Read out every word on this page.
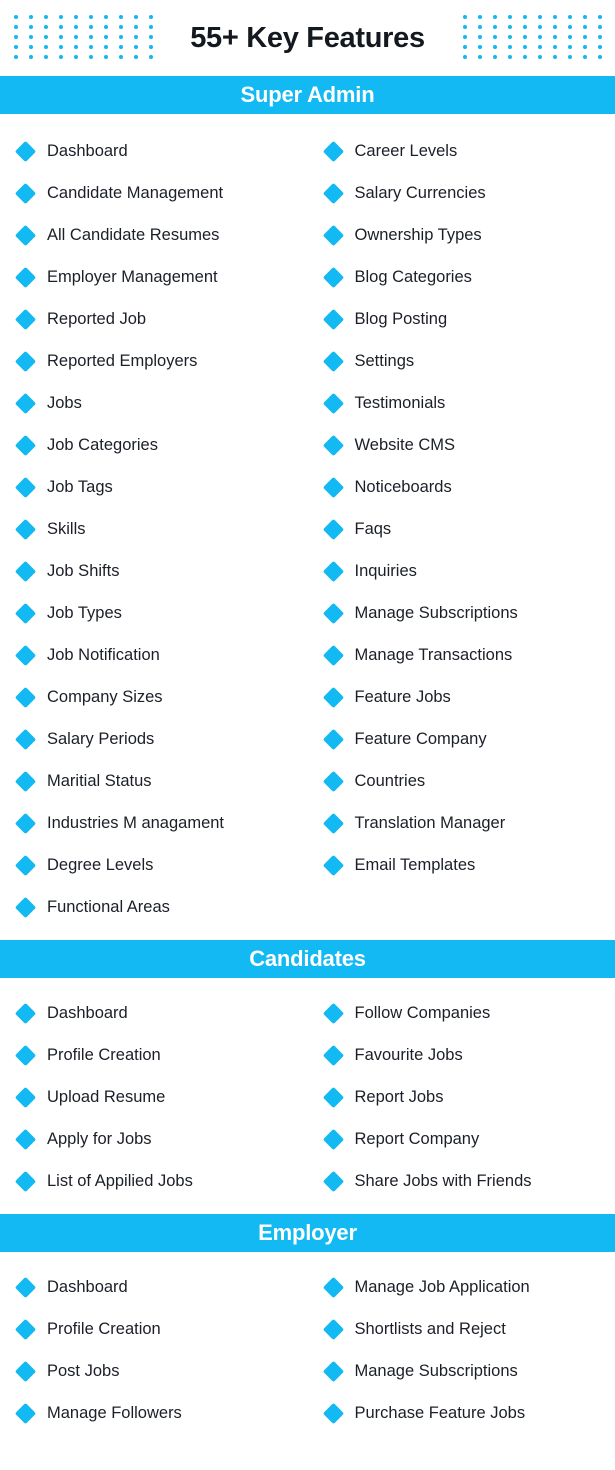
55+ Key Features
Super Admin
Dashboard
Candidate Management
All Candidate Resumes
Employer Management
Reported Job
Reported Employers
Jobs
Job Categories
Job Tags
Skills
Job Shifts
Job Types
Job Notification
Company Sizes
Salary Periods
Maritial Status
Industries M anagament
Degree Levels
Functional Areas
Career Levels
Salary Currencies
Ownership Types
Blog Categories
Blog Posting
Settings
Testimonials
Website CMS
Noticeboards
Faqs
Inquiries
Manage Subscriptions
Manage Transactions
Feature Jobs
Feature Company
Countries
Translation Manager
Email Templates
Candidates
Dashboard
Profile Creation
Upload Resume
Apply for Jobs
List of Appilied Jobs
Follow Companies
Favourite Jobs
Report Jobs
Report Company
Share Jobs with Friends
Employer
Dashboard
Profile Creation
Post Jobs
Manage Followers
Manage Job Application
Shortlists and Reject
Manage Subscriptions
Purchase Feature Jobs
